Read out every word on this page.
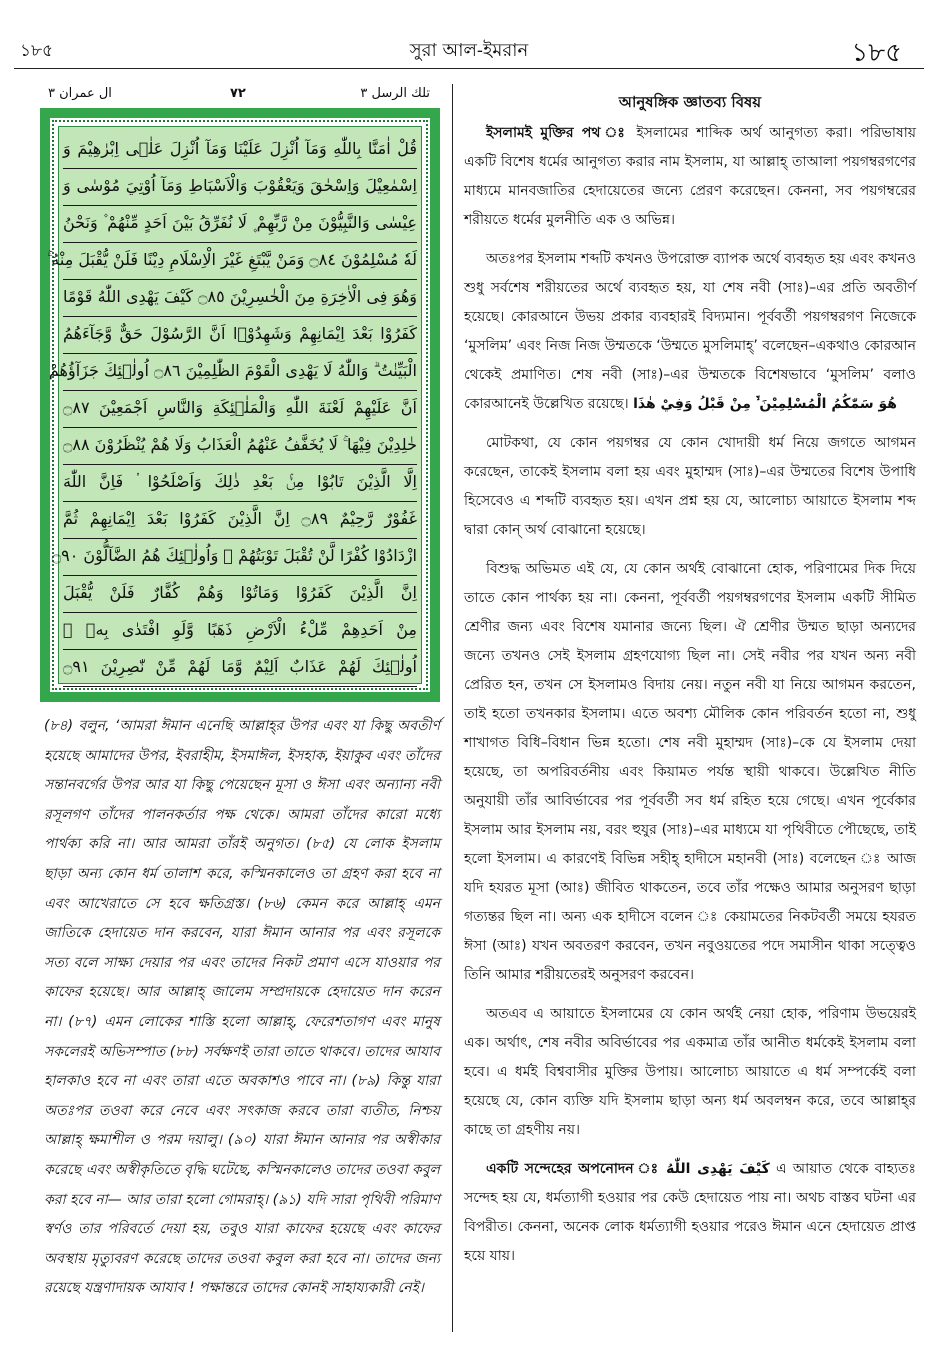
১৮৫	সুরা আল-ইমরান	১৮৫
تلك الرسل ٣
٧٢
ال عمران ٣
قُلْ اٰمَنَّا بِاللّٰهِ وَمَآ اُنْزِلَ عَلَيْنَا وَمَآ اُنْزِلَ عَلٰۤى اِبْرٰهِيْمَ وَ
اِسْمٰعِيْلَ وَاِسْحٰقَ وَيَعْقُوْبَ وَالْاَسْبَاطِ وَمَآ اُوْتِيَ مُوْسٰى وَ
عِيْسٰى وَالنَّبِيُّوْنَ مِنْ رَّبِّهِمْ ۪ لَا نُفَرِّقُ بَيْنَ اَحَدٍ مِّنْهُمْ ۫ وَنَحْنُ
لَهٗ مُسْلِمُوْنَ ۝٨٤ وَمَنْ يَّبْتَغِ غَيْرَ الْاِسْلَامِ دِيْنًا فَلَنْ يُّقْبَلَ مِنْهُ ۚ
وَهُوَ فِى الْاٰخِرَةِ مِنَ الْخٰسِرِيْنَ ۝٨٥ كَيْفَ يَهْدِى اللّٰهُ قَوْمًا
كَفَرُوْا بَعْدَ اِيْمَانِهِمْ وَشَهِدُوْۤا اَنَّ الرَّسُوْلَ حَقٌّ وَّجَآءَهُمُ
الْبَيِّنٰتُ ۗ وَاللّٰهُ لَا يَهْدِى الْقَوْمَ الظّٰلِمِيْنَ ۝٨٦ اُولٰۤئِكَ جَزَآؤُهُمْ
اَنَّ عَلَيْهِمْ لَعْنَةَ اللّٰهِ وَالْمَلٰۤئِكَةِ وَالنَّاسِ اَجْمَعِيْنَ ۝٨٧
خٰلِدِيْنَ فِيْهَا ۚ لَا يُخَفَّفُ عَنْهُمُ الْعَذَابُ وَلَا هُمْ يُنْظَرُوْنَ ۝٨٨
اِلَّا الَّذِيْنَ تَابُوْا مِنْۢ بَعْدِ ذٰلِكَ وَاَصْلَحُوْا ۟ فَاِنَّ اللّٰهَ
غَفُوْرٌ رَّحِيْمٌ ۝٨٩ اِنَّ الَّذِيْنَ كَفَرُوْا بَعْدَ اِيْمَانِهِمْ ثُمَّ
ازْدَادُوْا كُفْرًا لَّنْ تُقْبَلَ تَوْبَتُهُمْ ۚ وَاُولٰۤئِكَ هُمُ الضَّآلُّوْنَ ۝٩٠
اِنَّ الَّذِيْنَ كَفَرُوْا وَمَاتُوْا وَهُمْ كُفَّارٌ فَلَنْ يُّقْبَلَ
مِنْ اَحَدِهِمْ مِّلْءُ الْاَرْضِ ذَهَبًا وَّلَوِ افْتَدٰى بِهٖ ۗ
اُولٰۤئِكَ لَهُمْ عَذَابٌ اَلِيْمٌ وَّمَا لَهُمْ مِّنْ نّٰصِرِيْنَ ۝٩١

(৮৪) বলুন, ‘আমরা ঈমান এনেছি আল্লাহ্‌র উপর এবং যা কিছু অবতীর্ণ হয়েছে আমাদের উপর, ইবরাহীম, ইসমাঈল, ইসহাক, ইয়াকুব এবং তাঁদের সন্তানবর্গের উপর আর যা কিছু পেয়েছেন মূসা ও ঈসা এবং অন্যান্য নবী রসূলগণ তাঁদের পালনকর্তার পক্ষ থেকে। আমরা তাঁদের কারো মধ্যে পার্থক্য করি না। আর আমরা তাঁরই অনুগত। (৮৫) যে লোক ইসলাম ছাড়া অন্য কোন ধর্ম তালাশ করে, কস্মিনকালেও তা গ্রহণ করা হবে না এবং আখেরাতে সে হবে ক্ষতিগ্রস্ত। (৮৬) কেমন করে আল্লাহ্ এমন জাতিকে হেদায়েত দান করবেন, যারা ঈমান আনার পর এবং রসূলকে সত্য বলে সাক্ষ্য দেয়ার পর এবং তাদের নিকট প্রমাণ এসে যাওয়ার পর কাফের হয়েছে। আর আল্লাহ্ জালেম সম্প্রদায়কে হেদায়েত দান করেন না। (৮৭) এমন লোকের শাস্তি হলো আল্লাহ্, ফেরেশতাগণ এবং মানুষ সকলেরই অভিসম্পাত (৮৮) সর্বক্ষণই তারা তাতে থাকবে। তাদের আযাব হালকাও হবে না এবং তারা এতে অবকাশও পাবে না। (৮৯) কিন্তু যারা অতঃপর তওবা করে নেবে এবং সৎকাজ করবে তারা ব্যতীত, নিশ্চয় আল্লাহ্ ক্ষমাশীল ও পরম দয়ালু। (৯০) যারা ঈমান আনার পর অস্বীকার করেছে এবং অস্বীকৃতিতে বৃদ্ধি ঘটেছে, কস্মিনকালেও তাদের তওবা কবুল করা হবে না— আর তারা হলো গোমরাহ্। (৯১) যদি সারা পৃথিবী পরিমাণ স্বর্ণও তার পরিবর্তে দেয়া হয়, তবুও যারা কাফের হয়েছে এবং কাফের অবস্থায় মৃত্যুবরণ করেছে তাদের তওবা কবুল করা হবে না। তাদের জন্য রয়েছে যন্ত্রণাদায়ক আযাব ! পক্ষান্তরে তাদের কোনই সাহায্যকারী নেই।

আনুষঙ্গিক জ্ঞাতব্য বিষয়

ইসলামই মুক্তির পথ ঃ ইসলামের শাব্দিক অর্থ আনুগত্য করা। পরিভাষায় একটি বিশেষ ধর্মের আনুগত্য করার নাম ইসলাম, যা আল্লাহ্‌ তাআলা পয়গম্বরগণের মাধ্যমে মানবজাতির হেদায়েতের জন্যে প্রেরণ করেছেন। কেননা, সব পয়গম্বরের শরীয়তে ধর্মের মুলনীতি এক ও অভিন্ন।

অতঃপর ইসলাম শব্দটি কখনও উপরোক্ত ব্যাপক অর্থে ব্যবহৃত হয় এবং কখনও শুধু সর্বশেষ শরীয়তের অর্থে ব্যবহৃত হয়, যা শেষ নবী (সাঃ)–এর প্রতি অবতীর্ণ হয়েছে। কোরআনে উভয় প্রকার ব্যবহারই বিদ্যমান। পূর্ববর্তী পয়গম্বরগণ নিজেকে ‘মুসলিম’ এবং নিজ নিজ উম্মতকে ‘উম্মতে মুসলিমাহ্‌’ বলেছেন–একথাও কোরআন থেকেই প্রমাণিত। শেষ নবী (সাঃ)–এর উম্মতকে বিশেষভাবে ‘মুসলিম’ বলাও কোরআনেই উল্লেখিত রয়েছে। هُوَ سَمّٰكُمُ الْمُسْلِمِيْنَ ۙ۬ مِنْ قَبْلُ وَفِيْ هٰذَا

মোটকথা, যে কোন পয়গম্বর যে কোন খোদায়ী ধর্ম নিয়ে জগতে আগমন করেছেন, তাকেই ইসলাম বলা হয় এবং মুহাম্মদ (সাঃ)–এর উম্মতের বিশেষ উপাধি হিসেবেও এ শব্দটি ব্যবহৃত হয়। এখন প্রশ্ন হয় যে, আলোচ্য আয়াতে ইসলাম শব্দ দ্বারা কোন্‌ অর্থ বোঝানো হয়েছে।

বিশুদ্ধ অভিমত এই যে, যে কোন অর্থই বোঝানো হোক, পরিণামের দিক দিয়ে তাতে কোন পার্থক্য হয় না। কেননা, পূর্ববর্তী পয়গম্বরগণের ইসলাম একটি সীমিত শ্রেণীর জন্য এবং বিশেষ যমানার জন্যে ছিল। ঐ শ্রেণীর উম্মত ছাড়া অন্যদের জন্যে তখনও সেই ইসলাম গ্রহণযোগ্য ছিল না। সেই নবীর পর যখন অন্য নবী প্রেরিত হন, তখন সে ইসলামও বিদায় নেয়। নতুন নবী যা নিয়ে আগমন করতেন, তাই হতো তখনকার ইসলাম। এতে অবশ্য মৌলিক কোন পরিবর্তন হতো না, শুধু শাখাগত বিধি–বিধান ভিন্ন হতো। শেষ নবী মুহাম্মদ (সাঃ)–কে যে ইসলাম দেয়া হয়েছে, তা অপরিবর্তনীয় এবং কিয়ামত পর্যন্ত স্থায়ী থাকবে। উল্লেখিত নীতি অনুযায়ী তাঁর আবির্ভাবের পর পূর্ববর্তী সব ধর্ম রহিত হয়ে গেছে। এখন পূর্বেকার ইসলাম আর ইসলাম নয়, বরং হুযুর (সাঃ)–এর মাধ্যমে যা পৃথিবীতে পৌছেছে, তাই হলো ইসলাম। এ কারণেই বিভিন্ন সহীহ্‌ হাদীসে মহানবী (সাঃ) বলেছেন ঃ আজ যদি হযরত মূসা (আঃ) জীবিত থাকতেন, তবে তাঁর পক্ষেও আমার অনুসরণ ছাড়া গত্যন্তর ছিল না। অন্য এক হাদীসে বলেন ঃ কেয়ামতের নিকটবর্তী সময়ে হযরত ঈসা (আঃ) যখন অবতরণ করবেন, তখন নবুওয়তের পদে সমাসীন থাকা সত্ত্বেও তিনি আমার শরীয়তেরই অনুসরণ করবেন।

অতএব এ আয়াতে ইসলামের যে কোন অর্থই নেয়া হোক, পরিণাম উভয়েরই এক। অর্থাৎ, শেষ নবীর অবির্ভাবের পর একমাত্র তাঁর আনীত ধর্মকেই ইসলাম বলা হবে। এ ধর্মই বিশ্ববাসীর মুক্তির উপায়। আলোচ্য আয়াতে এ ধর্ম সম্পর্কেই বলা হয়েছে যে, কোন ব্যক্তি যদি ইসলাম ছাড়া অন্য ধর্ম অবলম্বন করে, তবে আল্লাহ্‌র কাছে তা গ্রহণীয় নয়।

একটি সন্দেহের অপনোদন ঃ كَيْفَ يَهْدِى اللّٰهُ এ আয়াত থেকে বাহ্যতঃ সন্দেহ হয় যে, ধর্মত্যাগী হওয়ার পর কেউ হেদায়েত পায় না। অথচ বাস্তব ঘটনা এর বিপরীত। কেননা, অনেক লোক ধর্মত্যাগী হওয়ার পরেও ঈমান এনে হেদায়েত প্রাপ্ত হয়ে যায়।
